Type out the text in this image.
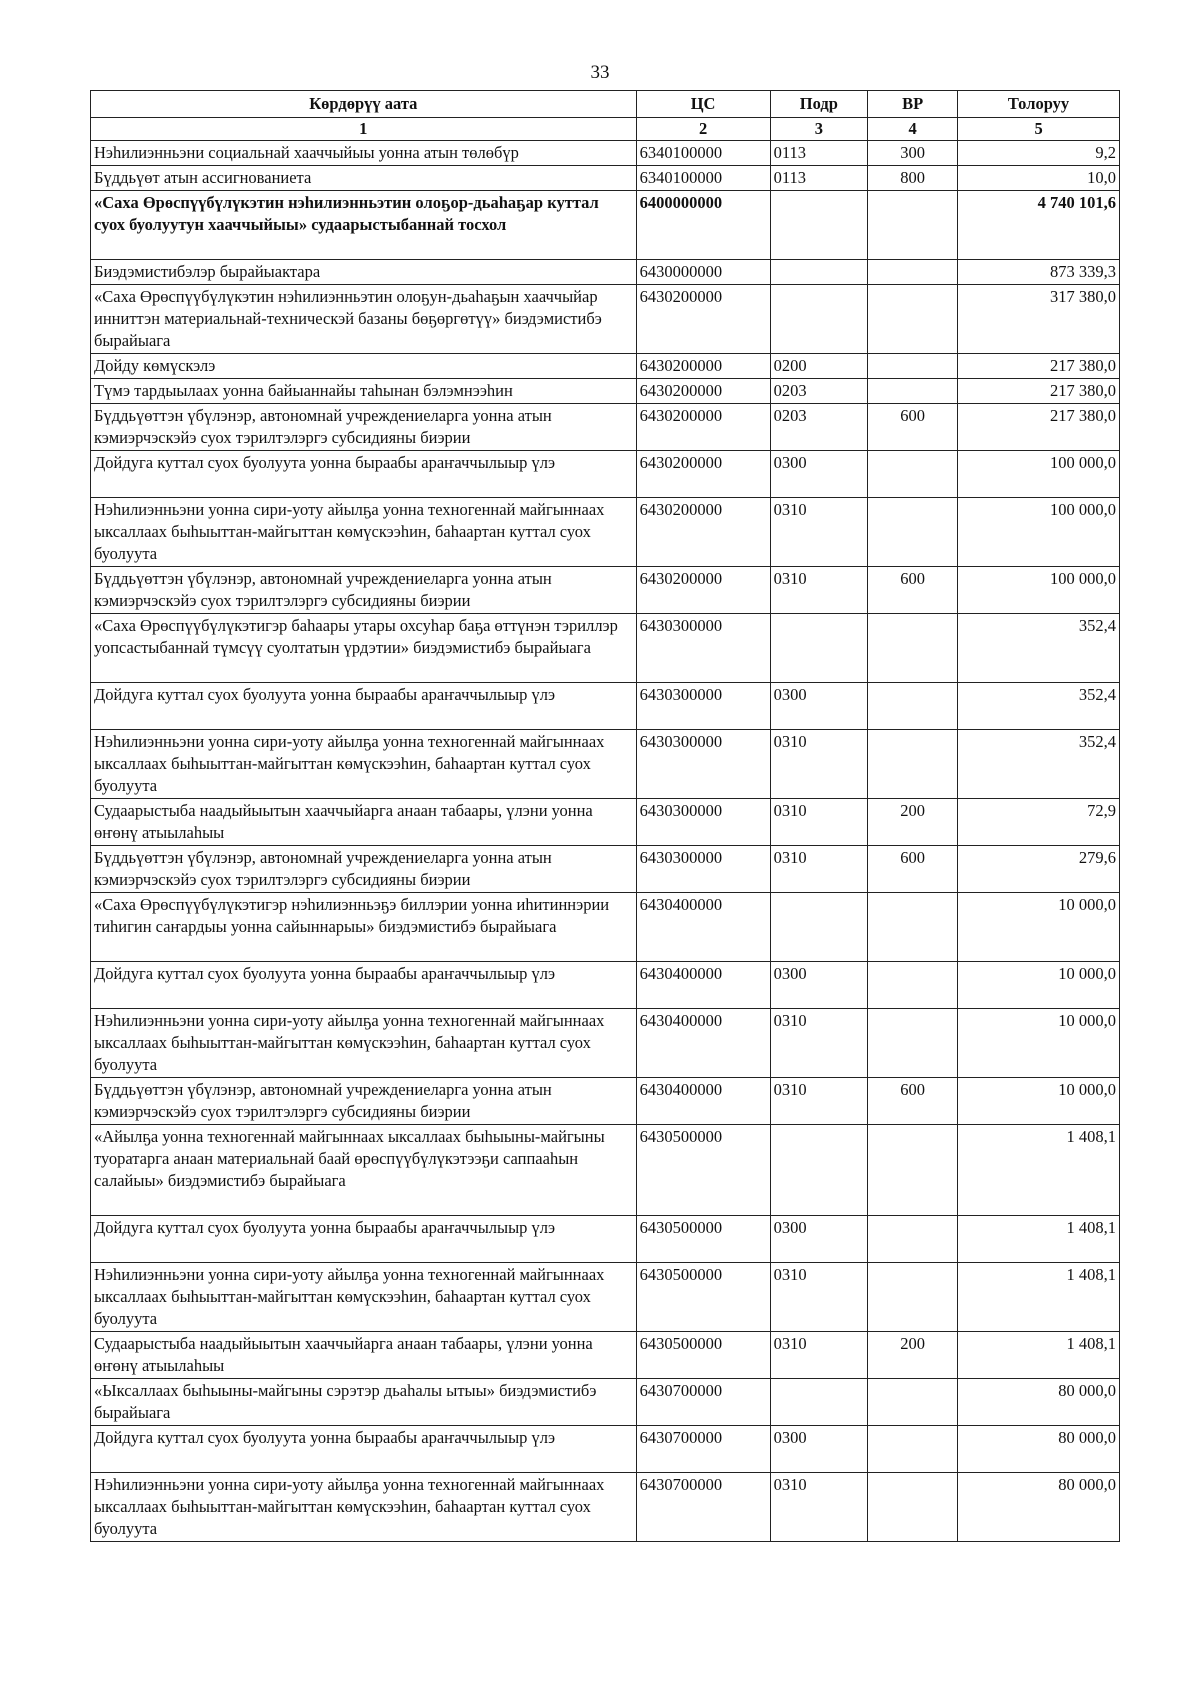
33
Көрдөрүү аата	ЦС	Подр	ВР	Толоруу
1	2	3	4	5
Нэһилиэнньэни социальнай хааччыйыы уонна атын төлөбүр	6340100000	0113	300	9,2
Бүддьүөт атын ассигнованиета	6340100000	0113	800	10,0
«Саха Өрөспүүбүлүкэтин нэһилиэнньэтин олоҕор-дьаһаҕар куттал суох буолуутун хааччыйыы» судаарыстыбаннай тосхол	6400000000			4 740 101,6
Биэдэмистибэлэр бырайыактара	6430000000			873 339,3
«Саха Өрөспүүбүлүкэтин нэһилиэнньэтин олоҕун-дьаһаҕын хааччыйар инниттэн материальнай-техническэй базаны бөҕөргөтүү» биэдэмистибэ бырайыага	6430200000			317 380,0
Дойду көмүскэлэ	6430200000	0200		217 380,0
Түмэ тардыылаах уонна байыаннайы таһынан бэлэмнээһин	6430200000	0203		217 380,0
Бүддьүөттэн үбүлэнэр, автономнай учреждениеларга уонна атын кэмиэрчэскэйэ суох тэрилтэлэргэ субсидияны биэрии	6430200000	0203	600	217 380,0
Дойдуга куттал суох буолуута уонна быраабы араҥаччылыыр үлэ	6430200000	0300		100 000,0
Нэһилиэнньэни уонна сири-уоту айылҕа уонна техногеннай майгыннаах ыксаллаах быһыыттан-майгыттан көмүскээһин, баһаартан куттал суох буолуута	6430200000	0310		100 000,0
Бүддьүөттэн үбүлэнэр, автономнай учреждениеларга уонна атын кэмиэрчэскэйэ суох тэрилтэлэргэ субсидияны биэрии	6430200000	0310	600	100 000,0
«Саха Өрөспүүбүлүкэтигэр баһаары утары охсуһар баҕа өттүнэн тэриллэр уопсастыбаннай түмсүү суолтатын үрдэтии» биэдэмистибэ бырайыага	6430300000			352,4
Дойдуга куттал суох буолуута уонна быраабы араҥаччылыыр үлэ	6430300000	0300		352,4
Нэһилиэнньэни уонна сири-уоту айылҕа уонна техногеннай майгыннаах ыксаллаах быһыыттан-майгыттан көмүскээһин, баһаартан куттал суох буолуута	6430300000	0310		352,4
Судаарыстыба наадыйыытын хааччыйарга анаан табаары, үлэни уонна өҥөнү атыылаһыы	6430300000	0310	200	72,9
Бүддьүөттэн үбүлэнэр, автономнай учреждениеларга уонна атын кэмиэрчэскэйэ суох тэрилтэлэргэ субсидияны биэрии	6430300000	0310	600	279,6
«Саха Өрөспүүбүлүкэтигэр нэһилиэнньэҕэ биллэрии уонна иһитиннэрии тиһигин саҥардыы уонна сайыннарыы» биэдэмистибэ бырайыага	6430400000			10 000,0
Дойдуга куттал суох буолуута уонна быраабы араҥаччылыыр үлэ	6430400000	0300		10 000,0
Нэһилиэнньэни уонна сири-уоту айылҕа уонна техногеннай майгыннаах ыксаллаах быһыыттан-майгыттан көмүскээһин, баһаартан куттал суох буолуута	6430400000	0310		10 000,0
Бүддьүөттэн үбүлэнэр, автономнай учреждениеларга уонна атын кэмиэрчэскэйэ суох тэрилтэлэргэ субсидияны биэрии	6430400000	0310	600	10 000,0
«Айылҕа уонна техногеннай майгыннаах ыксаллаах быһыыны-майгыны туоратарга анаан материальнай баай өрөспүүбүлүкэтээҕи саппааһын салайыы» биэдэмистибэ бырайыага	6430500000			1 408,1
Дойдуга куттал суох буолуута уонна быраабы араҥаччылыыр үлэ	6430500000	0300		1 408,1
Нэһилиэнньэни уонна сири-уоту айылҕа уонна техногеннай майгыннаах ыксаллаах быһыыттан-майгыттан көмүскээһин, баһаартан куттал суох буолуута	6430500000	0310		1 408,1
Судаарыстыба наадыйыытын хааччыйарга анаан табаары, үлэни уонна өҥөнү атыылаһыы	6430500000	0310	200	1 408,1
«Ыксаллаах быһыыны-майгыны сэрэтэр дьаһалы ытыы» биэдэмистибэ бырайыага	6430700000			80 000,0
Дойдуга куттал суох буолуута уонна быраабы араҥаччылыыр үлэ	6430700000	0300		80 000,0
Нэһилиэнньэни уонна сири-уоту айылҕа уонна техногеннай майгыннаах ыксаллаах быһыыттан-майгыттан көмүскээһин, баһаартан куттал суох буолуута	6430700000	0310		80 000,0
